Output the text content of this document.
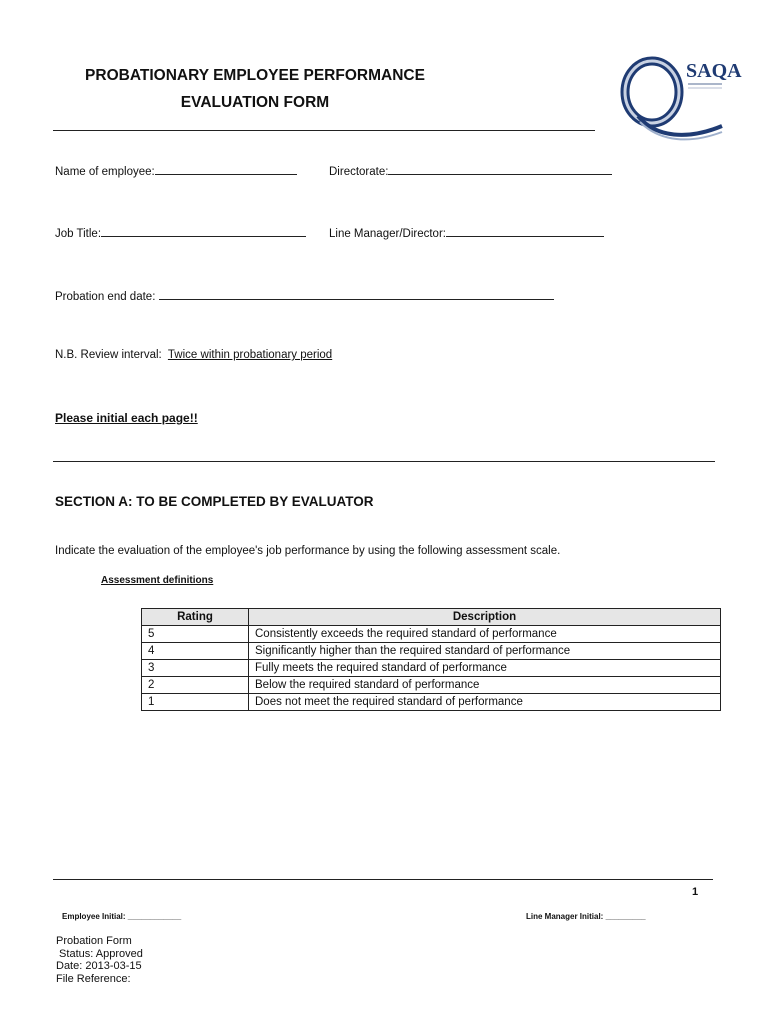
PROBATIONARY EMPLOYEE PERFORMANCE
EVALUATION FORM
SAQA
Name of employee:	Directorate:
Job Title:	Line Manager/Director:
Probation end date:
N.B. Review interval: Twice within probationary period
Please initial each page!!
SECTION A: TO BE COMPLETED BY EVALUATOR
Indicate the evaluation of the employee's job performance by using the following assessment scale.
Assessment definitions
Rating	Description
5	Consistently exceeds the required standard of performance
4	Significantly higher than the required standard of performance
3	Fully meets the required standard of performance
2	Below the required standard of performance
1	Does not meet the required standard of performance
1
Employee Initial: ____________	Line Manager Initial: _________
Probation Form
Status: Approved
Date: 2013-03-15
File Reference:
